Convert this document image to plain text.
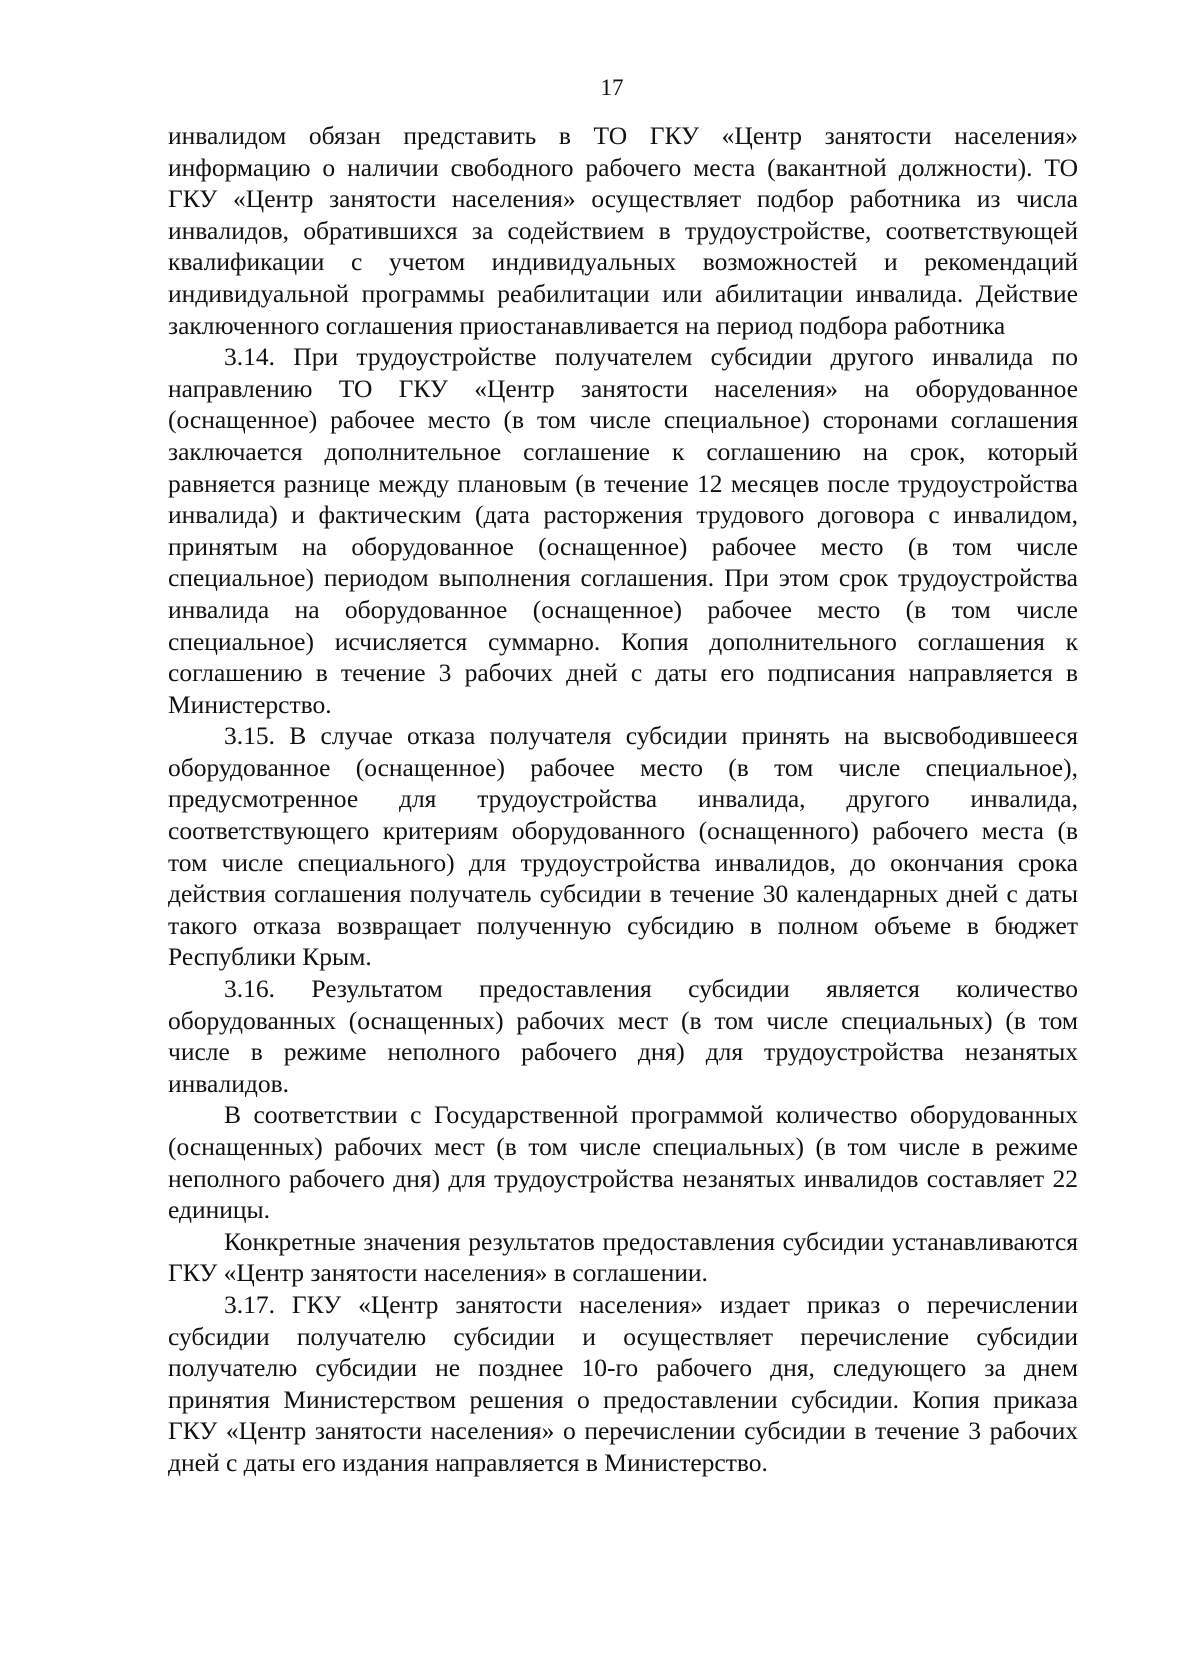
17

инвалидом обязан представить в ТО ГКУ «Центр занятости населения» информацию о наличии свободного рабочего места (вакантной должности). ТО ГКУ «Центр занятости населения» осуществляет подбор работника из числа инвалидов, обратившихся за содействием в трудоустройстве, соответствующей квалификации с учетом индивидуальных возможностей и рекомендаций индивидуальной программы реабилитации или абилитации инвалида. Действие заключенного соглашения приостанавливается на период подбора работника

3.14. При трудоустройстве получателем субсидии другого инвалида по направлению ТО ГКУ «Центр занятости населения» на оборудованное (оснащенное) рабочее место (в том числе специальное) сторонами соглашения заключается дополнительное соглашение к соглашению на срок, который равняется разнице между плановым (в течение 12 месяцев после трудоустройства инвалида) и фактическим (дата расторжения трудового договора с инвалидом, принятым на оборудованное (оснащенное) рабочее место (в том числе специальное) периодом выполнения соглашения. При этом срок трудоустройства инвалида на оборудованное (оснащенное) рабочее место (в том числе специальное) исчисляется суммарно. Копия дополнительного соглашения к соглашению в течение 3 рабочих дней с даты его подписания направляется в Министерство.

3.15. В случае отказа получателя субсидии принять на высвободившееся оборудованное (оснащенное) рабочее место (в том числе специальное), предусмотренное для трудоустройства инвалида, другого инвалида, соответствующего критериям оборудованного (оснащенного) рабочего места (в том числе специального) для трудоустройства инвалидов, до окончания срока действия соглашения получатель субсидии в течение 30 календарных дней с даты такого отказа возвращает полученную субсидию в полном объеме в бюджет Республики Крым.

3.16. Результатом предоставления субсидии является количество оборудованных (оснащенных) рабочих мест (в том числе специальных) (в том числе в режиме неполного рабочего дня) для трудоустройства незанятых инвалидов.

В соответствии с Государственной программой количество оборудованных (оснащенных) рабочих мест (в том числе специальных) (в том числе в режиме неполного рабочего дня) для трудоустройства незанятых инвалидов составляет 22 единицы.

Конкретные значения результатов предоставления субсидии устанавливаются ГКУ «Центр занятости населения» в соглашении.

3.17. ГКУ «Центр занятости населения» издает приказ о перечислении субсидии получателю субсидии и осуществляет перечисление субсидии получателю субсидии не позднее 10-го рабочего дня, следующего за днем принятия Министерством решения о предоставлении субсидии. Копия приказа ГКУ «Центр занятости населения» о перечислении субсидии в течение 3 рабочих дней с даты его издания направляется в Министерство.
